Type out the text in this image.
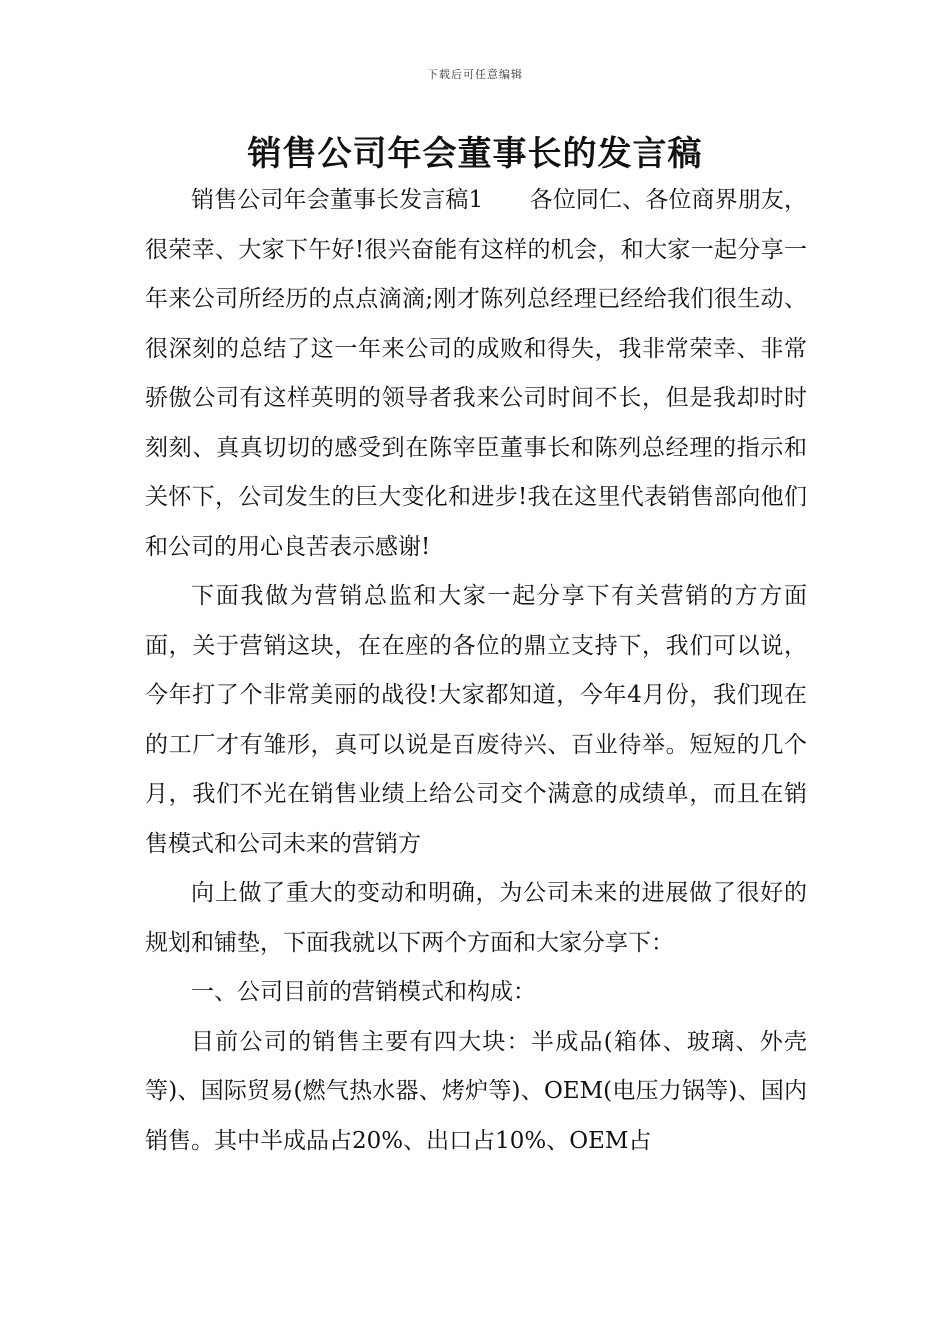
下载后可任意编辑
销售公司年会董事长的发言稿

销售公司年会董事长发言稿1　　各位同仁、各位商界朋友，很荣幸、大家下午好!很兴奋能有这样的机会，和大家一起分享一年来公司所经历的点点滴滴;刚才陈列总经理已经给我们很生动、很深刻的总结了这一年来公司的成败和得失，我非常荣幸、非常骄傲公司有这样英明的领导者我来公司时间不长，但是我却时时刻刻、真真切切的感受到在陈宰臣董事长和陈列总经理的指示和关怀下，公司发生的巨大变化和进步!我在这里代表销售部向他们和公司的用心良苦表示感谢!

下面我做为营销总监和大家一起分享下有关营销的方方面面，关于营销这块，在在座的各位的鼎立支持下，我们可以说，今年打了个非常美丽的战役!大家都知道，今年4月份，我们现在的工厂才有雏形，真可以说是百废待兴、百业待举。短短的几个月，我们不光在销售业绩上给公司交个满意的成绩单，而且在销售模式和公司未来的营销方

向上做了重大的变动和明确，为公司未来的进展做了很好的规划和铺垫，下面我就以下两个方面和大家分享下：

一、公司目前的营销模式和构成：

目前公司的销售主要有四大块：半成品(箱体、玻璃、外壳等)、国际贸易(燃气热水器、烤炉等)、OEM(电压力锅等)、国内销售。其中半成品占20%、出口占10%、OEM占
